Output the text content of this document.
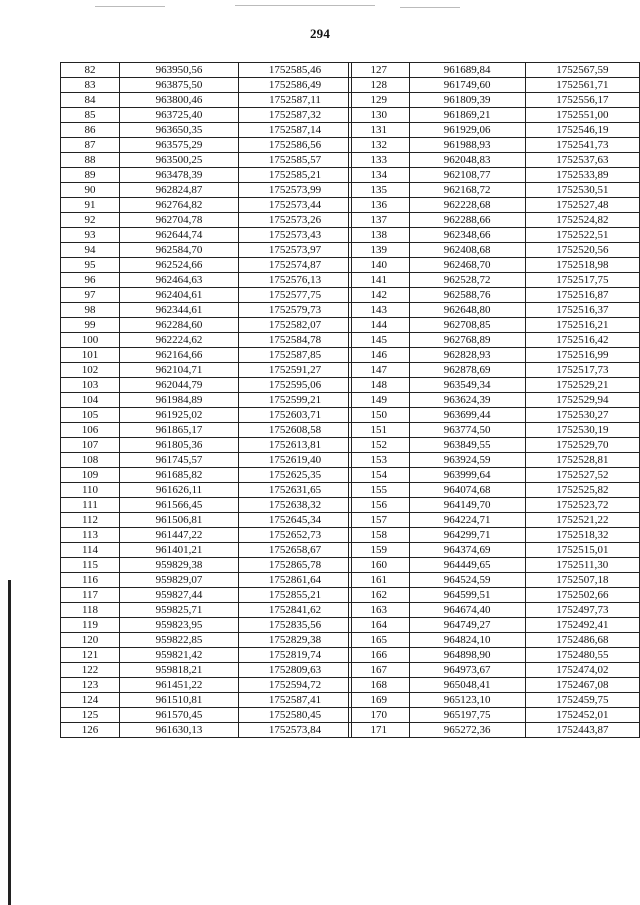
294
82	963950,56	1752585,46
83	963875,50	1752586,49
84	963800,46	1752587,11
85	963725,40	1752587,32
86	963650,35	1752587,14
87	963575,29	1752586,56
88	963500,25	1752585,57
89	963478,39	1752585,21
90	962824,87	1752573,99
91	962764,82	1752573,44
92	962704,78	1752573,26
93	962644,74	1752573,43
94	962584,70	1752573,97
95	962524,66	1752574,87
96	962464,63	1752576,13
97	962404,61	1752577,75
98	962344,61	1752579,73
99	962284,60	1752582,07
100	962224,62	1752584,78
101	962164,66	1752587,85
102	962104,71	1752591,27
103	962044,79	1752595,06
104	961984,89	1752599,21
105	961925,02	1752603,71
106	961865,17	1752608,58
107	961805,36	1752613,81
108	961745,57	1752619,40
109	961685,82	1752625,35
110	961626,11	1752631,65
111	961566,45	1752638,32
112	961506,81	1752645,34
113	961447,22	1752652,73
114	961401,21	1752658,67
115	959829,38	1752865,78
116	959829,07	1752861,64
117	959827,44	1752855,21
118	959825,71	1752841,62
119	959823,95	1752835,56
120	959822,85	1752829,38
121	959821,42	1752819,74
122	959818,21	1752809,63
123	961451,22	1752594,72
124	961510,81	1752587,41
125	961570,45	1752580,45
126	961630,13	1752573,84
127	961689,84	1752567,59
128	961749,60	1752561,71
129	961809,39	1752556,17
130	961869,21	1752551,00
131	961929,06	1752546,19
132	961988,93	1752541,73
133	962048,83	1752537,63
134	962108,77	1752533,89
135	962168,72	1752530,51
136	962228,68	1752527,48
137	962288,66	1752524,82
138	962348,66	1752522,51
139	962408,68	1752520,56
140	962468,70	1752518,98
141	962528,72	1752517,75
142	962588,76	1752516,87
143	962648,80	1752516,37
144	962708,85	1752516,21
145	962768,89	1752516,42
146	962828,93	1752516,99
147	962878,69	1752517,73
148	963549,34	1752529,21
149	963624,39	1752529,94
150	963699,44	1752530,27
151	963774,50	1752530,19
152	963849,55	1752529,70
153	963924,59	1752528,81
154	963999,64	1752527,52
155	964074,68	1752525,82
156	964149,70	1752523,72
157	964224,71	1752521,22
158	964299,71	1752518,32
159	964374,69	1752515,01
160	964449,65	1752511,30
161	964524,59	1752507,18
162	964599,51	1752502,66
163	964674,40	1752497,73
164	964749,27	1752492,41
165	964824,10	1752486,68
166	964898,90	1752480,55
167	964973,67	1752474,02
168	965048,41	1752467,08
169	965123,10	1752459,75
170	965197,75	1752452,01
171	965272,36	1752443,87
